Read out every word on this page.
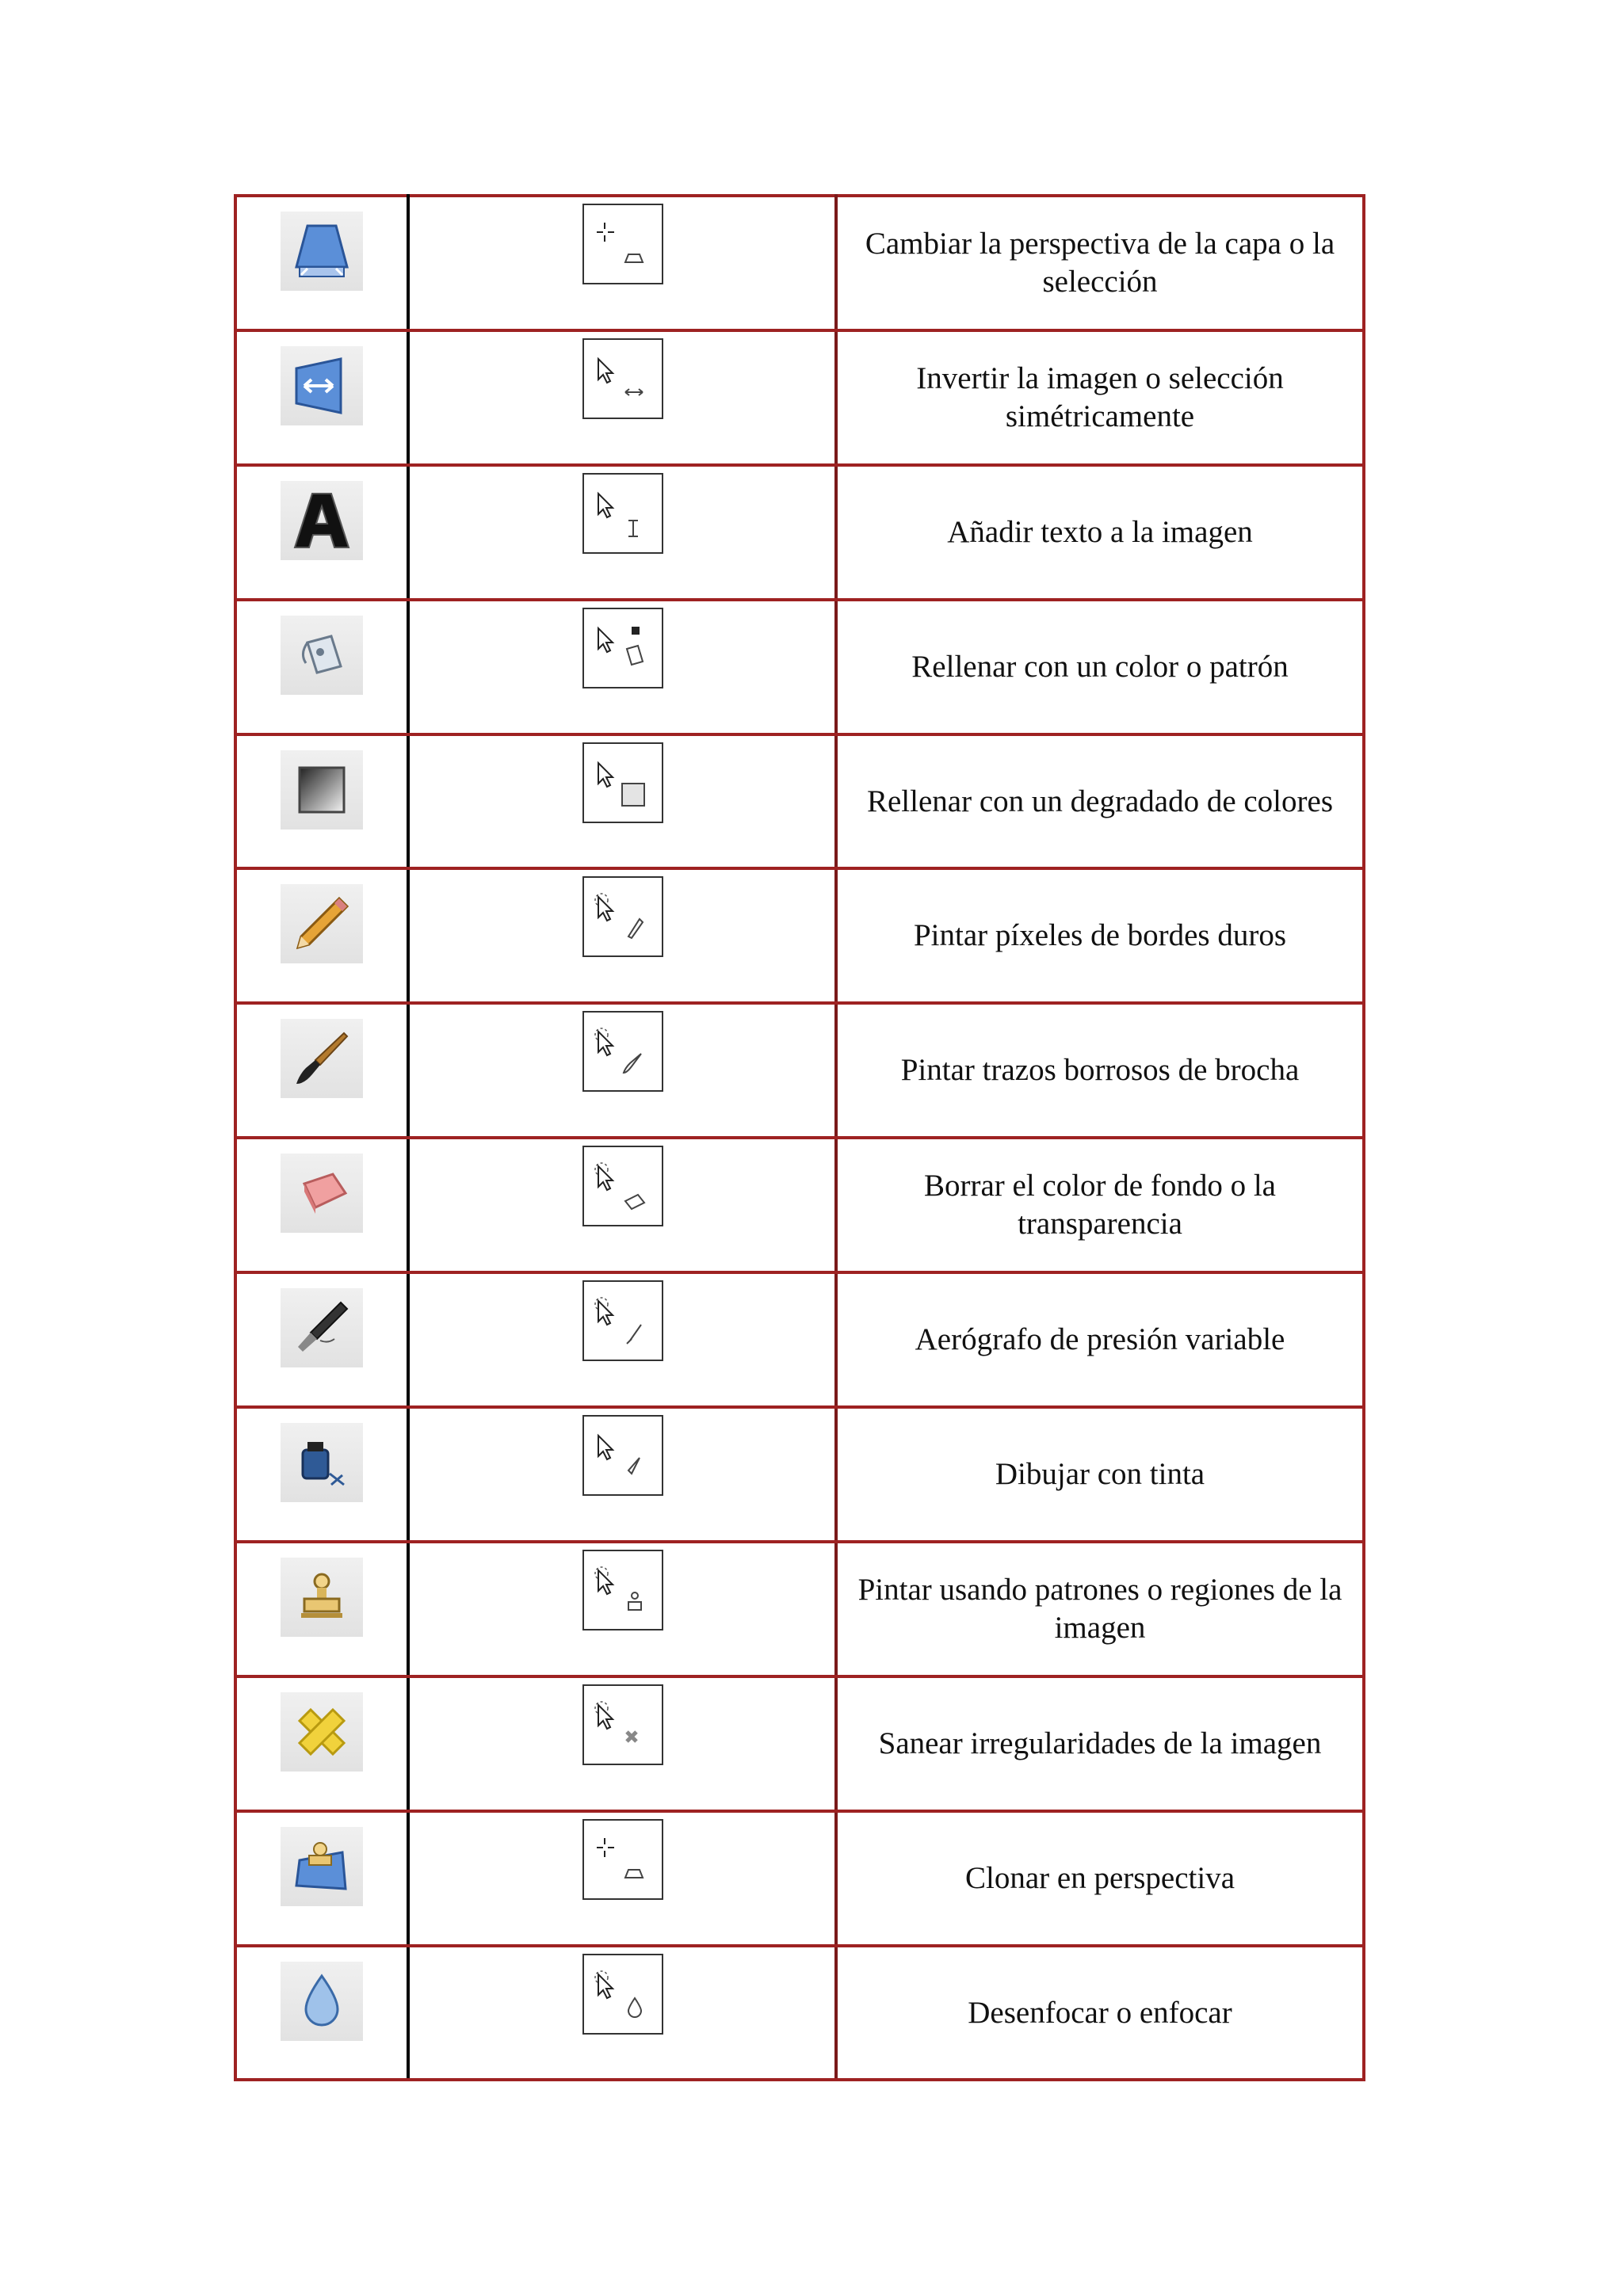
Cambiar la perspectiva de la capa o la selección

Invertir la imagen o selección simétricamente

Añadir texto a la imagen

Rellenar con un color o patrón

Rellenar con un degradado de colores

Pintar píxeles de bordes duros

Pintar trazos borrosos de brocha

Borrar el color de fondo o la transparencia

Aerógrafo de presión variable

Dibujar con tinta

Pintar usando patrones o regiones de la imagen

Sanear irregularidades de la imagen

Clonar en perspectiva

Desenfocar o enfocar
